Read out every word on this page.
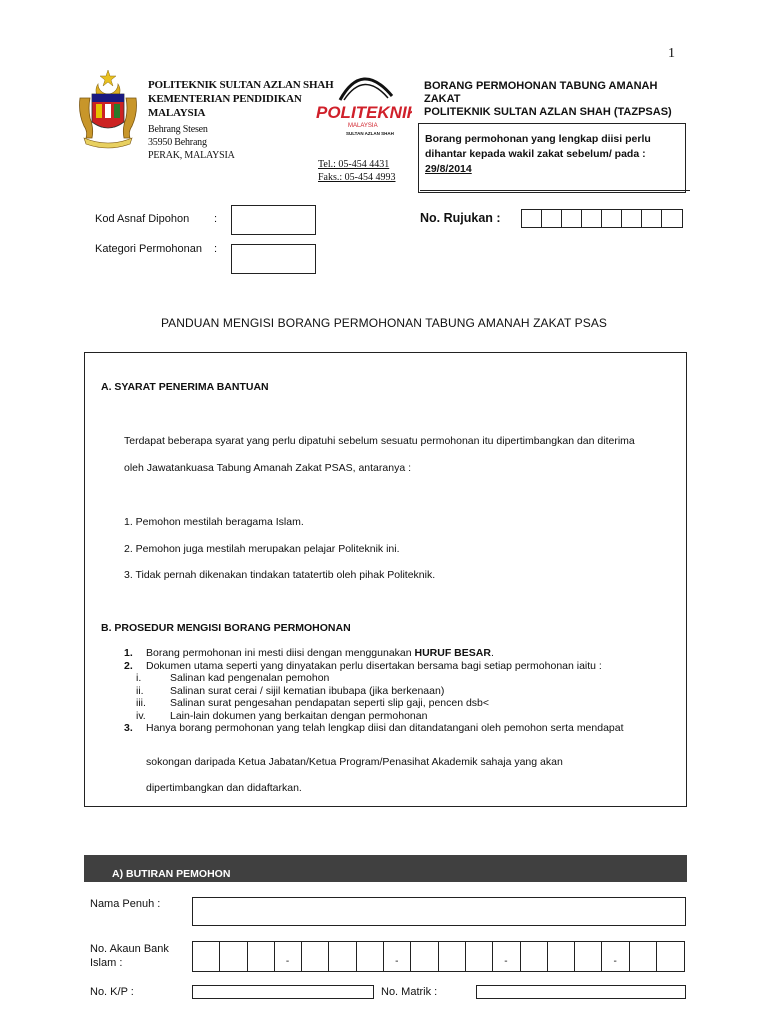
1
POLITEKNIK SULTAN AZLAN SHAH
KEMENTERIAN PENDIDIKAN
MALAYSIA
Behrang Stesen
35950 Behrang
PERAK, MALAYSIA
POLITEKNIK
MALAYSIA
SULTAN AZLAN SHAH
Tel.: 05-454 4431
Faks.: 05-454 4993
BORANG PERMOHONAN TABUNG AMANAH
ZAKAT
POLITEKNIK SULTAN AZLAN SHAH (TAZPSAS)
Borang permohonan yang lengkap diisi perlu
dihantar kepada wakil zakat sebelum/ pada :
29/8/2014
Kod Asnaf Dipohon :
Kategori Permohonan :
No. Rujukan :
PANDUAN MENGISI BORANG PERMOHONAN TABUNG AMANAH ZAKAT PSAS
A. SYARAT PENERIMA BANTUAN
Terdapat beberapa syarat yang perlu dipatuhi sebelum sesuatu permohonan itu dipertimbangkan dan diterima
oleh Jawatankuasa Tabung Amanah Zakat PSAS, antaranya :
1. Pemohon mestilah beragama Islam.
2. Pemohon juga mestilah merupakan pelajar Politeknik ini.
3. Tidak pernah dikenakan tindakan tatatertib oleh pihak Politeknik.
B. PROSEDUR MENGISI BORANG PERMOHONAN
1. Borang permohonan ini mesti diisi dengan menggunakan HURUF BESAR.
2. Dokumen utama seperti yang dinyatakan perlu disertakan bersama bagi setiap permohonan iaitu :
i.	Salinan kad pengenalan pemohon
ii.	Salinan surat cerai / sijil kematian ibubapa (jika berkenaan)
iii. Salinan surat pengesahan pendapatan seperti slip gaji, pencen dsb<
iv. Lain-lain dokumen yang berkaitan dengan permohonan
3. Hanya borang permohonan yang telah lengkap diisi dan ditandatangani oleh pemohon serta mendapat
sokongan daripada Ketua Jabatan/Ketua Program/Penasihat Akademik sahaja yang akan
dipertimbangkan dan didaftarkan.
A) BUTIRAN PEMOHON
Nama Penuh :
No. Akaun Bank
Islam :
-
-
-
-
No. K/P :	No. Matrik :
